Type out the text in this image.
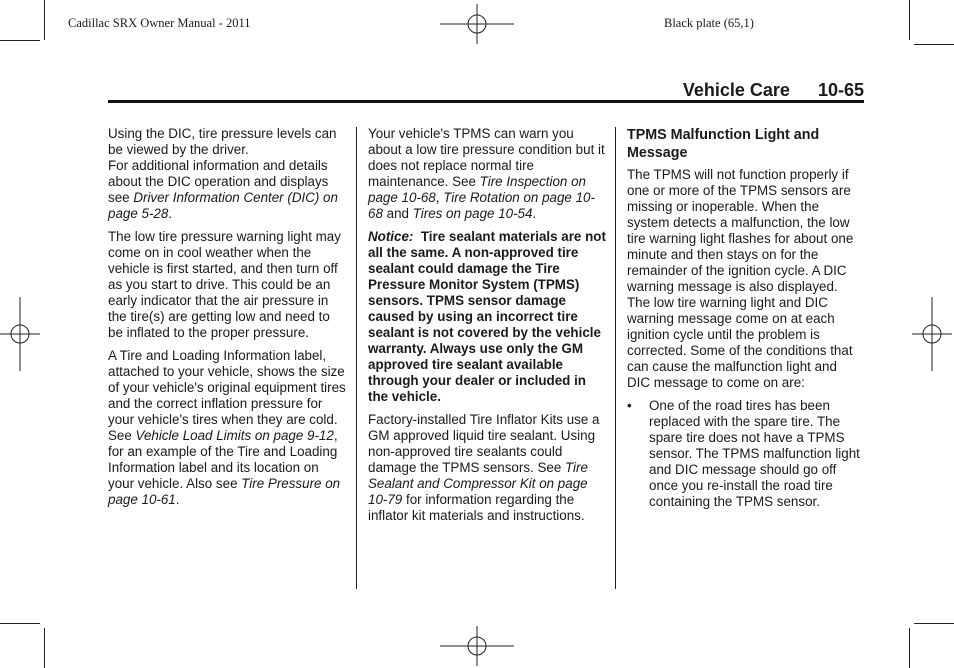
Cadillac SRX Owner Manual - 2011	Black plate (65,1)
Vehicle Care 10-65

Using the DIC, tire pressure levels can be viewed by the driver.

For additional information and details about the DIC operation and displays see Driver Information Center (DIC) on page 5-28.

The low tire pressure warning light may come on in cool weather when the vehicle is first started, and then turn off as you start to drive. This could be an early indicator that the air pressure in the tire(s) are getting low and need to be inflated to the proper pressure.

A Tire and Loading Information label, attached to your vehicle, shows the size of your vehicle's original equipment tires and the correct inflation pressure for your vehicle's tires when they are cold. See Vehicle Load Limits on page 9-12, for an example of the Tire and Loading Information label and its location on your vehicle. Also see Tire Pressure on page 10-61.

Your vehicle's TPMS can warn you about a low tire pressure condition but it does not replace normal tire maintenance. See Tire Inspection on page 10-68, Tire Rotation on page 10-68 and Tires on page 10-54.

Notice: Tire sealant materials are not all the same. A non-approved tire sealant could damage the Tire Pressure Monitor System (TPMS) sensors. TPMS sensor damage caused by using an incorrect tire sealant is not covered by the vehicle warranty. Always use only the GM approved tire sealant available through your dealer or included in the vehicle.

Factory-installed Tire Inflator Kits use a GM approved liquid tire sealant. Using non-approved tire sealants could damage the TPMS sensors. See Tire Sealant and Compressor Kit on page 10-79 for information regarding the inflator kit materials and instructions.

TPMS Malfunction Light and Message

The TPMS will not function properly if one or more of the TPMS sensors are missing or inoperable. When the system detects a malfunction, the low tire warning light flashes for about one minute and then stays on for the remainder of the ignition cycle. A DIC warning message is also displayed. The low tire warning light and DIC warning message come on at each ignition cycle until the problem is corrected. Some of the conditions that can cause the malfunction light and DIC message to come on are:

•	One of the road tires has been replaced with the spare tire. The spare tire does not have a TPMS sensor. The TPMS malfunction light and DIC message should go off once you re-install the road tire containing the TPMS sensor.
